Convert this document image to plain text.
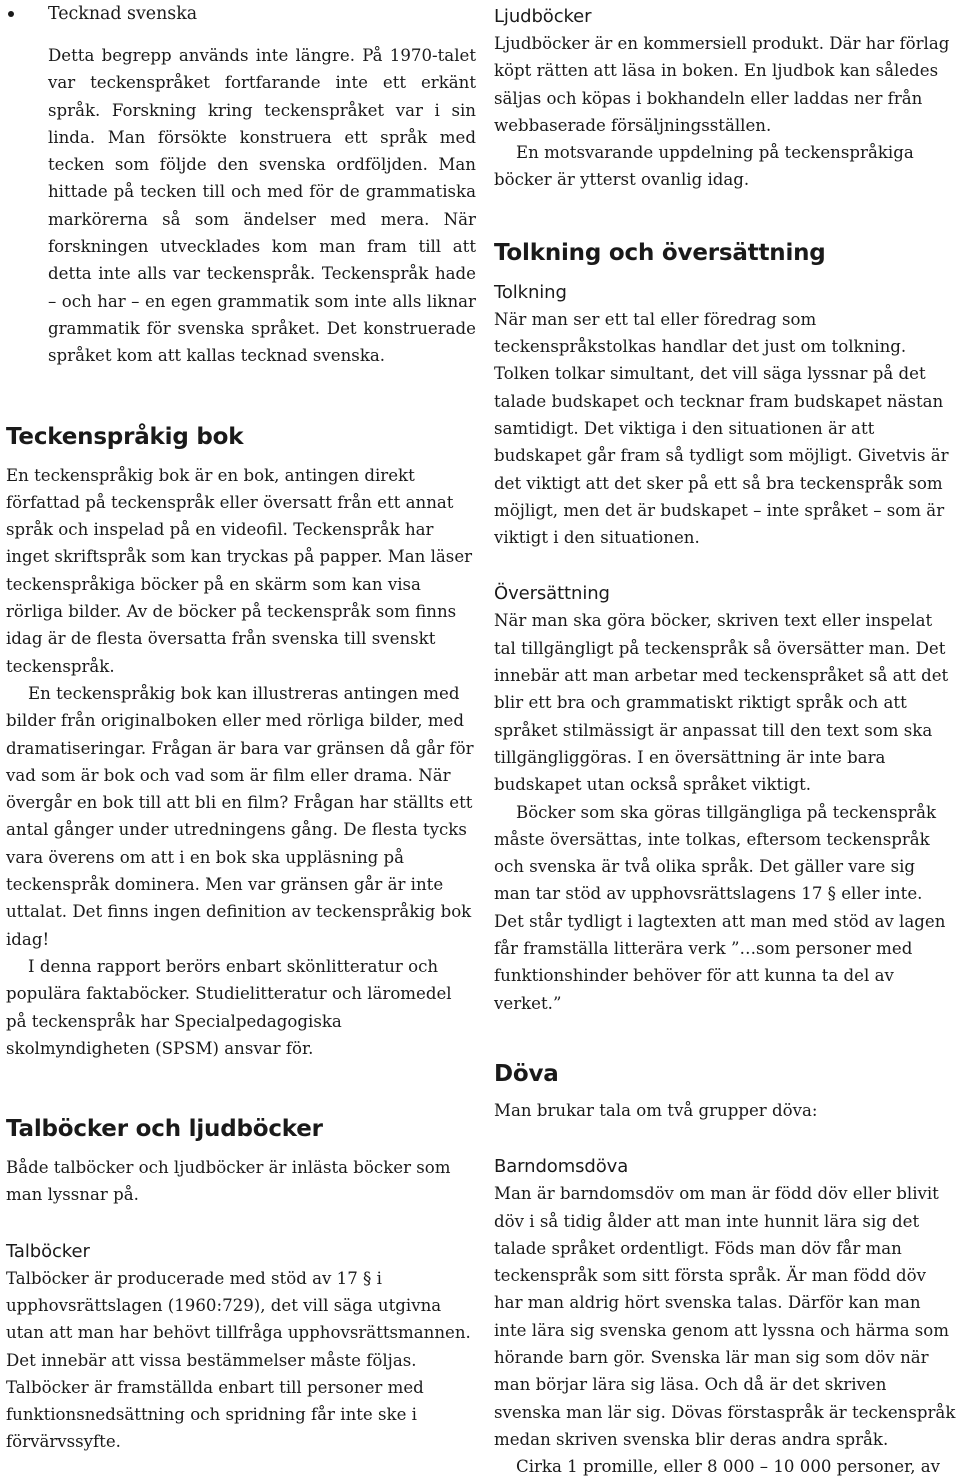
Tecknad svenska

Detta begrepp används inte längre. På 1970-talet var teckenspråket fortfarande inte ett erkänt språk. Forskning kring teckenspråket var i sin linda. Man försökte konstruera ett språk med tecken som följde den svenska ordföljden. Man hittade på tecken till och med för de grammatiska markörerna så som ändelser med mera. När forskningen utvecklades kom man fram till att detta inte alls var teckenspråk. Teckenspråk hade – och har – en egen grammatik som inte alls liknar grammatik för svenska språket. Det konstruerade språket kom att kallas tecknad svenska.

Teckenspråkig bok

En teckenspråkig bok är en bok, antingen direkt författad på teckenspråk eller översatt från ett annat språk och inspelad på en videofil. Teckenspråk har inget skriftspråk som kan tryckas på papper. Man läser teckenspråkiga böcker på en skärm som kan visa rörliga bilder. Av de böcker på teckenspråk som finns idag är de flesta översatta från svenska till svenskt teckenspråk.

En teckenspråkig bok kan illustreras antingen med bilder från originalboken eller med rörliga bilder, med dramatiseringar. Frågan är bara var gränsen då går för vad som är bok och vad som är film eller drama. När övergår en bok till att bli en film? Frågan har ställts ett antal gånger under utredningens gång. De flesta tycks vara överens om att i en bok ska uppläsning på teckenspråk dominera. Men var gränsen går är inte uttalat. Det finns ingen definition av teckenspråkig bok idag!

I denna rapport berörs enbart skönlitteratur och populära faktaböcker. Studielitteratur och läromedel på teckenspråk har Specialpedagogiska skolmyndigheten (SPSM) ansvar för.

Talböcker och ljudböcker

Både talböcker och ljudböcker är inlästa böcker som man lyssnar på.

Talböcker

Talböcker är producerade med stöd av 17 § i upphovsrättslagen (1960:729), det vill säga utgivna utan att man har behövt tillfråga upphovsrättsmannen. Det innebär att vissa bestämmelser måste följas. Talböcker är framställda enbart till personer med funktionsnedsättning och spridning får inte ske i förvärvssyfte.

Ljudböcker

Ljudböcker är en kommersiell produkt. Där har förlag köpt rätten att läsa in boken. En ljudbok kan således säljas och köpas i bokhandeln eller laddas ner från webbaserade försäljningsställen.

En motsvarande uppdelning på teckenspråkiga böcker är ytterst ovanlig idag.

Tolkning och översättning
Tolkning

När man ser ett tal eller föredrag som teckenspråkstolkas handlar det just om tolkning. Tolken tolkar simultant, det vill säga lyssnar på det talade budskapet och tecknar fram budskapet nästan samtidigt. Det viktiga i den situationen är att budskapet går fram så tydligt som möjligt. Givetvis är det viktigt att det sker på ett så bra teckenspråk som möjligt, men det är budskapet – inte språket – som är viktigt i den situationen.

Översättning

När man ska göra böcker, skriven text eller inspelat tal tillgängligt på teckenspråk så översätter man. Det innebär att man arbetar med teckenspråket så att det blir ett bra och grammatiskt riktigt språk och att språket stilmässigt är anpassat till den text som ska tillgängliggöras. I en översättning är inte bara budskapet utan också språket viktigt.

Böcker som ska göras tillgängliga på teckenspråk måste översättas, inte tolkas, eftersom teckenspråk och svenska är två olika språk. Det gäller vare sig man tar stöd av upphovsrättslagens 17 § eller inte. Det står tydligt i lagtexten att man med stöd av lagen får framställa litterära verk ”…som personer med funktionshinder behöver för att kunna ta del av verket.”

Döva

Man brukar tala om två grupper döva:

Barndomsdöva

Man är barndomsdöv om man är född döv eller blivit döv i så tidig ålder att man inte hunnit lära sig det talade språket ordentligt. Föds man döv får man teckenspråk som sitt första språk. Är man född döv har man aldrig hört svenska talas. Därför kan man inte lära sig svenska genom att lyssna och härma som hörande barn gör. Svenska lär man sig som döv när man börjar lära sig läsa. Och då är det skriven svenska man lär sig. Dövas förstaspråk är teckenspråk medan skriven svenska blir deras andra språk.

Cirka 1 promille, eller 8 000 – 10 000 personer, av
